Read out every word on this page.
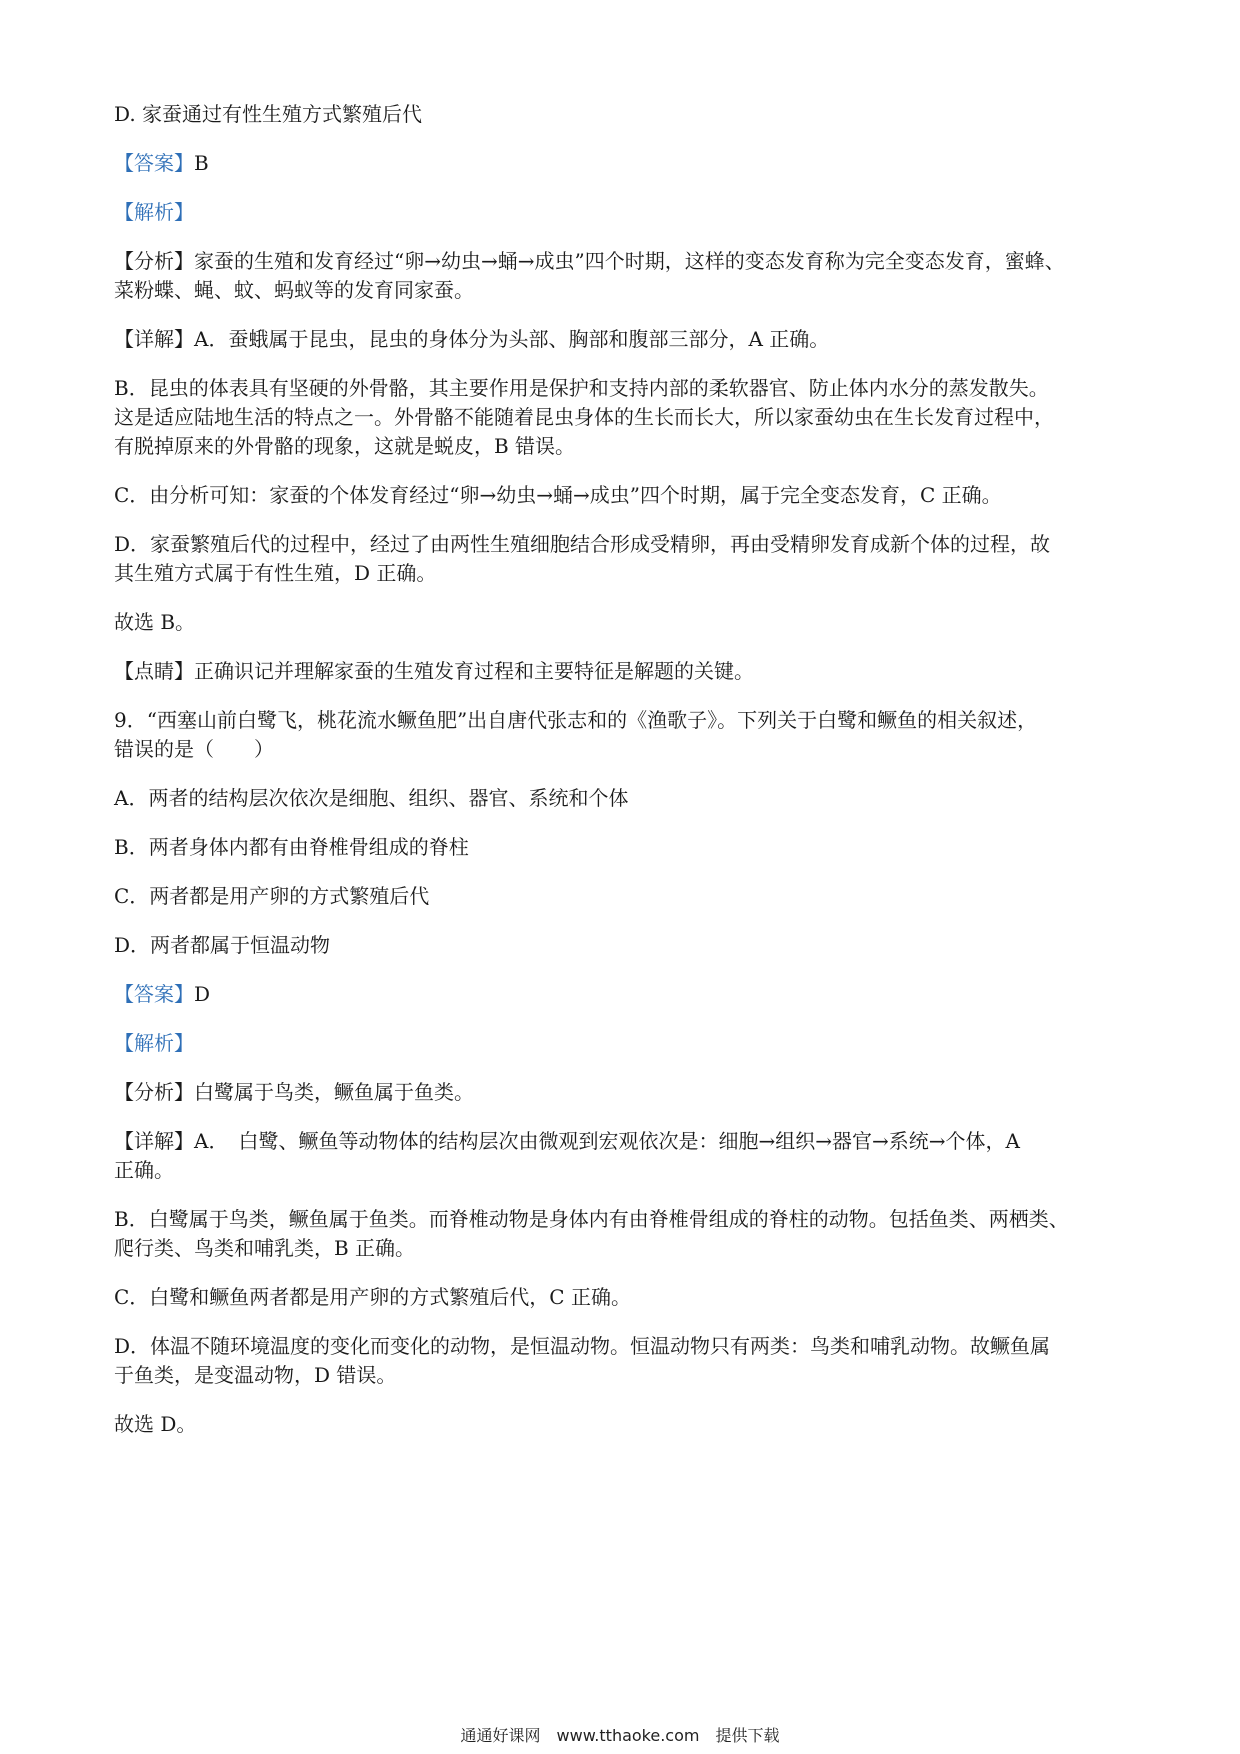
D. 家蚕通过有性生殖方式繁殖后代
【答案】B
【解析】
【分析】家蚕的生殖和发育经过“卵→幼虫→蛹→成虫”四个时期，这样的变态发育称为完全变态发育，蜜蜂、
菜粉蝶、蝇、蚊、蚂蚁等的发育同家蚕。
【详解】A．蚕蛾属于昆虫，昆虫的身体分为头部、胸部和腹部三部分，A 正确。
B．昆虫的体表具有坚硬的外骨骼，其主要作用是保护和支持内部的柔软器官、防止体内水分的蒸发散失。
这是适应陆地生活的特点之一。外骨骼不能随着昆虫身体的生长而长大，所以家蚕幼虫在生长发育过程中，
有脱掉原来的外骨骼的现象，这就是蜕皮，B 错误。
C．由分析可知：家蚕的个体发育经过“卵→幼虫→蛹→成虫”四个时期，属于完全变态发育，C 正确。
D．家蚕繁殖后代的过程中，经过了由两性生殖细胞结合形成受精卵，再由受精卵发育成新个体的过程，故
其生殖方式属于有性生殖，D 正确。
故选 B。
【点睛】正确识记并理解家蚕的生殖发育过程和主要特征是解题的关键。
9．“西塞山前白鹭飞，桃花流水鳜鱼肥”出自唐代张志和的《渔歌子》。下列关于白鹭和鳜鱼的相关叙述，
错误的是（　　）
A．两者的结构层次依次是细胞、组织、器官、系统和个体
B．两者身体内都有由脊椎骨组成的脊柱
C．两者都是用产卵的方式繁殖后代
D．两者都属于恒温动物
【答案】D
【解析】
【分析】白鹭属于鸟类，鳜鱼属于鱼类。
【详解】A．　白鹭、鳜鱼等动物体的结构层次由微观到宏观依次是：细胞→组织→器官→系统→个体，A
正确。
B．白鹭属于鸟类，鳜鱼属于鱼类。而脊椎动物是身体内有由脊椎骨组成的脊柱的动物。包括鱼类、两栖类、
爬行类、鸟类和哺乳类，B 正确。
C．白鹭和鳜鱼两者都是用产卵的方式繁殖后代，C 正确。
D．体温不随环境温度的变化而变化的动物，是恒温动物。恒温动物只有两类：鸟类和哺乳动物。故鳜鱼属
于鱼类，是变温动物，D 错误。
故选 D。
通通好课网　www.tthaoke.com　提供下载
